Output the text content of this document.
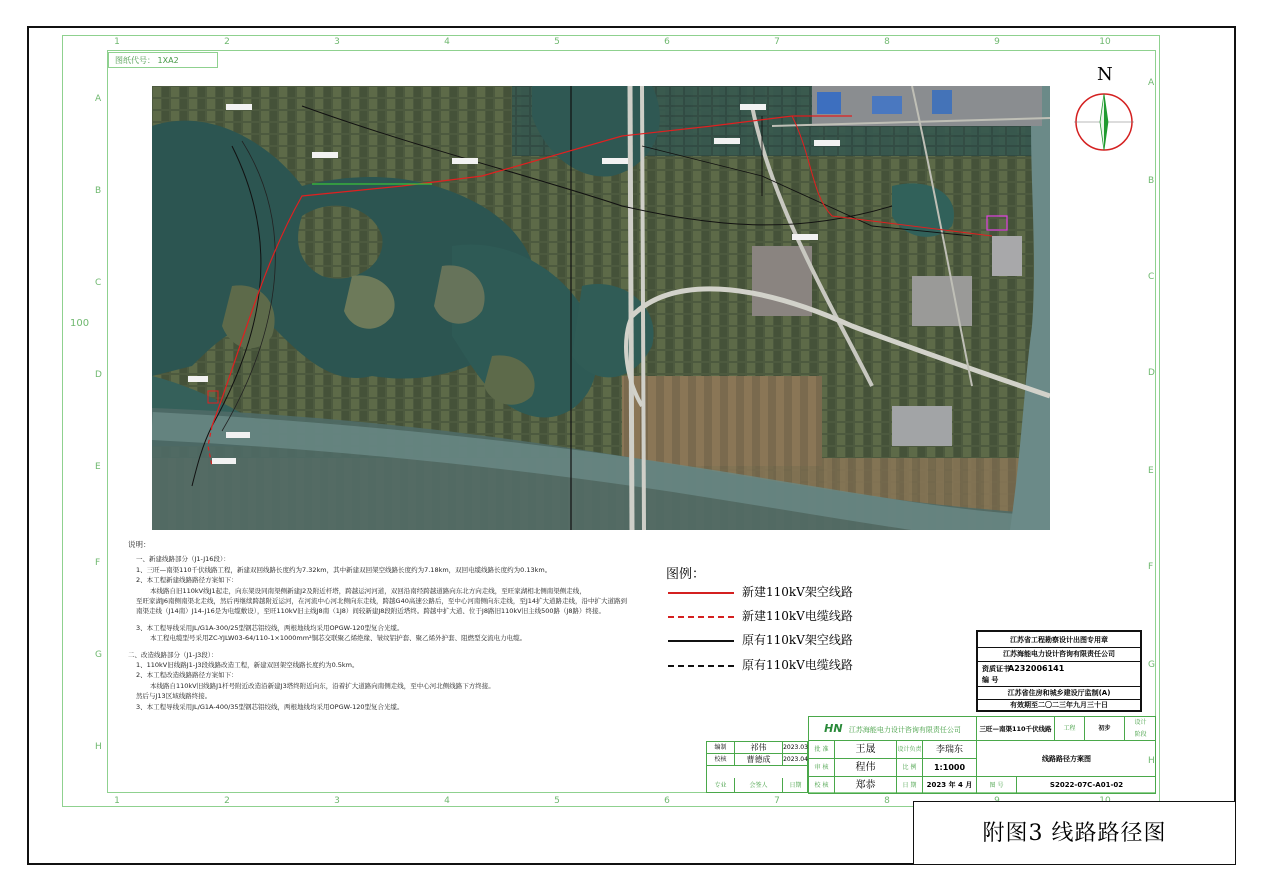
1	2	3	4	5	6	7	8	9	10
1	2	3	4	5	6	7	8
A
B
C
D
E
F
G
H
A
B
C
D
E
F
G
H
100
图纸代号： 1XA2
N
说明：
一、新建线路部分（J1-J16段）：
1、三旺—南渠110千伏线路工程，新建双回线路长度约为7.32km，其中新建双回架空线路长度约为7.18km，双回电缆线路长度约为0.13km。
2、本工程新建线路路径方案如下：
本线路自旧110kV线J1起走，向东架设同南渠侧新建J2及附近杆塔，跨越运河河道，双回沿南经跨越道路向东北方向走线，至旺家湖相北侧南渠侧走线，
至旺家湖J6南侧南渠北走线，然后再继续跨越附近运河，在河流中心河北侧向东走线，跨越G40高速公路后，至中心河南侧向东走线，至J14扩大道路走线，沿中扩大道路到
南渠走线（J14南）J14-J16是为电缆敷设），至旺110kV旧主线J8南（1J8）间较新建J8段附近塔终。跨越中扩大道、位于J8路旧110kV旧主线500路（J8路）终接。
3、本工程导线采用JL/G1A-300/25型钢芯铝绞线，两根地线均采用OPGW-120型复合光缆。
本工程电缆型号采用ZC-YJLW03-64/110-1×1000mm²铜芯交联聚乙烯绝缘、皱纹铝护套、聚乙烯外护套、阻燃型交流电力电缆。
二、改造线路部分（J1-J3段）：
1、110kV旧线路J1-J3段线路改造工程，新建双回架空线路长度约为0.5km。
2、本工程改造线路路径方案如下：
本线路自110kV旧线路J1杆号附近改造沿新建J3塔终附近向东，沿着扩大道路向南侧走线，至中心河北侧线路下方终接。
然后与J13区域线路终接。
3、本工程导线采用JL/G1A-400/35型钢芯铝绞线，两根地线均采用OPGW-120型复合光缆。
图例：
新建110kV架空线路
新建110kV电缆线路
原有110kV架空线路
原有110kV电缆线路
江苏省工程勘察设计出图专用章
江苏海能电力设计咨询有限责任公司
资质证书
编 号
A232006141
江苏省住房和城乡建设厅监制(A)
有效期至二〇二三年九月三十日
编制	祁伟	2023.03
校核	曹德成	2023.04
专业	会签人	日期
HN 江苏海能电力设计咨询有限责任公司	三旺—南渠110千伏线路	工程	初步
设计
阶段
批 准	王晟	设计负责	李瑞东
线路路径方案图
审 核	程伟	比 例	1:1000
校 核	郑恭	日 期	2023 年 4 月	图 号	S2022-07C-A01-02
附图3 线路路径图
